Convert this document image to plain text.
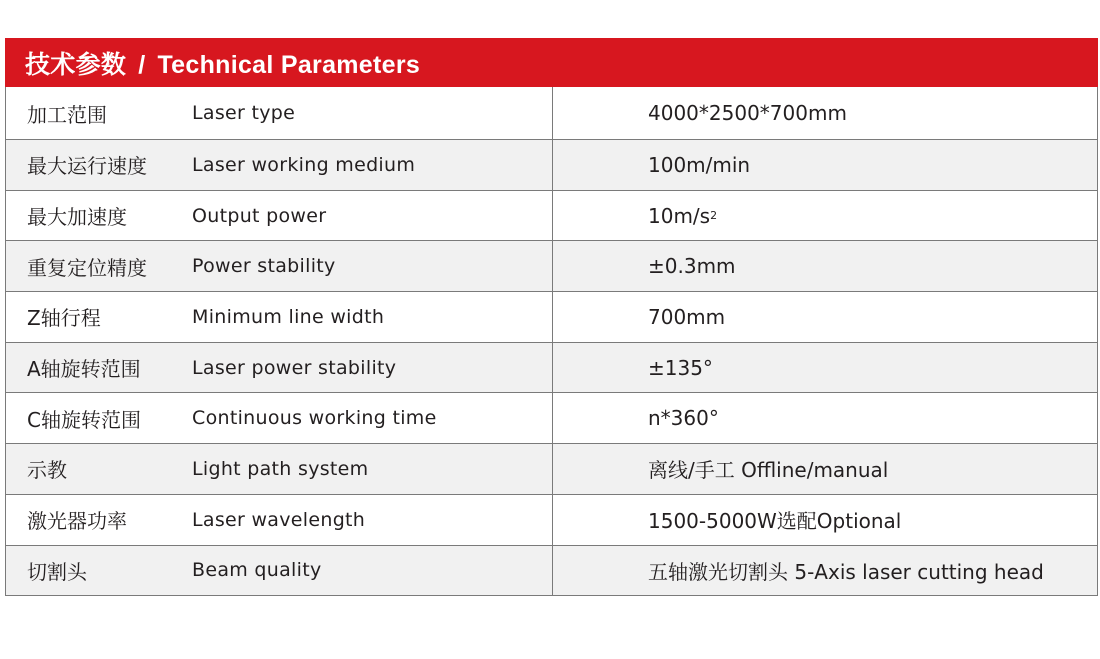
技术参数 / Technical Parameters
加工范围	Laser type	4000*2500*700mm
最大运行速度	Laser working medium	100m/min
最大加速度	Output power	10m/s 2
重复定位精度	Power stability	±0.3mm
Z轴行程	Minimum line width	700mm
A轴旋转范围	Laser power stability	±135°
C轴旋转范围	Continuous working time	n*360°
示教	Light path system	离线/手工 Offline/manual
激光器功率	Laser wavelength	1500-5000W选配Optional
切割头	Beam quality	五轴激光切割头 5-Axis laser cutting head
